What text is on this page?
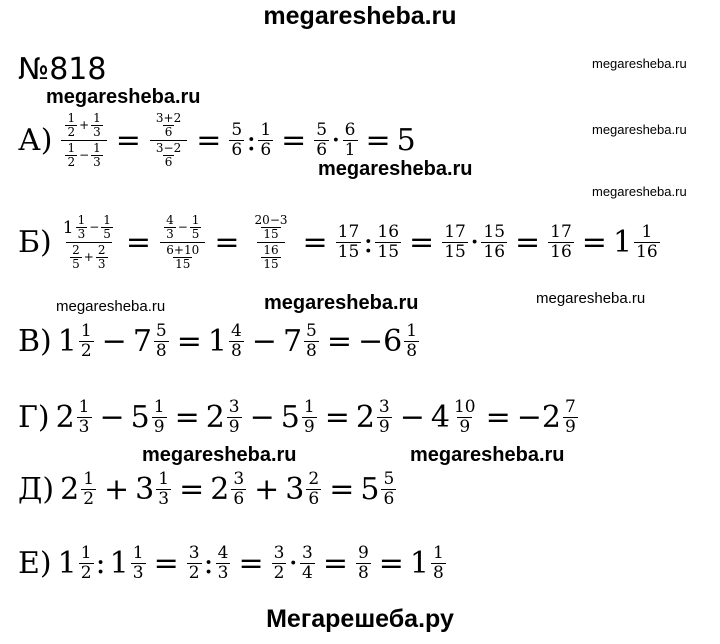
megaresheba.ru
Мегарешеба.ру
megaresheba.ru
megaresheba.ru
megaresheba.ru
megaresheba.ru
megaresheba.ru
megaresheba.ru	megaresheba.ru	megaresheba.ru
megaresheba.ru	megaresheba.ru
№818
$А) \frac{\frac{1}{2} + \frac{1}{3}}{\frac{1}{2} - \frac{1}{3}} = \frac{\frac{3+2}{6}}{\frac{3-2}{6}} = \frac{5}{6}$ : $\frac{1}{6} = \frac{5}{6} \cdot \frac{6}{1} = 5$
$Б) \frac{1 \frac{1}{3} - \frac{1}{5}}{\frac{2}{5} + \frac{2}{3}} = \frac{\frac{4}{3} - \frac{1}{5}}{\frac{6+10}{15}} = \frac{\frac{20-3}{15}}{\frac{16}{15}} = \frac{17}{15}$ : $\frac{16}{15} = \frac{17}{15} \cdot \frac{15}{16} = \frac{17}{16} = 1 \frac{1}{16}$
В) $1 \frac{1}{2} - 7 \frac{5}{8} = 1 \frac{4}{8} - 7 \frac{5}{8} = -6 \frac{1}{8}$
Г) $2 \frac{1}{3} - 5 \frac{1}{9} = 2 \frac{3}{9} - 5 \frac{1}{9} = 2 \frac{3}{9} - 4 \frac{10}{9} = -2 \frac{7}{9}$
Д) $2 \frac{1}{2} + 3 \frac{1}{3} = 2 \frac{3}{6} + 3 \frac{2}{6} = 5 \frac{5}{6}$
Е) $1 \frac{1}{2}$ : $1 \frac{1}{3} = \frac{3}{2}$ : $\frac{4}{3} = \frac{3}{2} \cdot \frac{3}{4} = \frac{9}{8} = 1 \frac{1}{8}$
